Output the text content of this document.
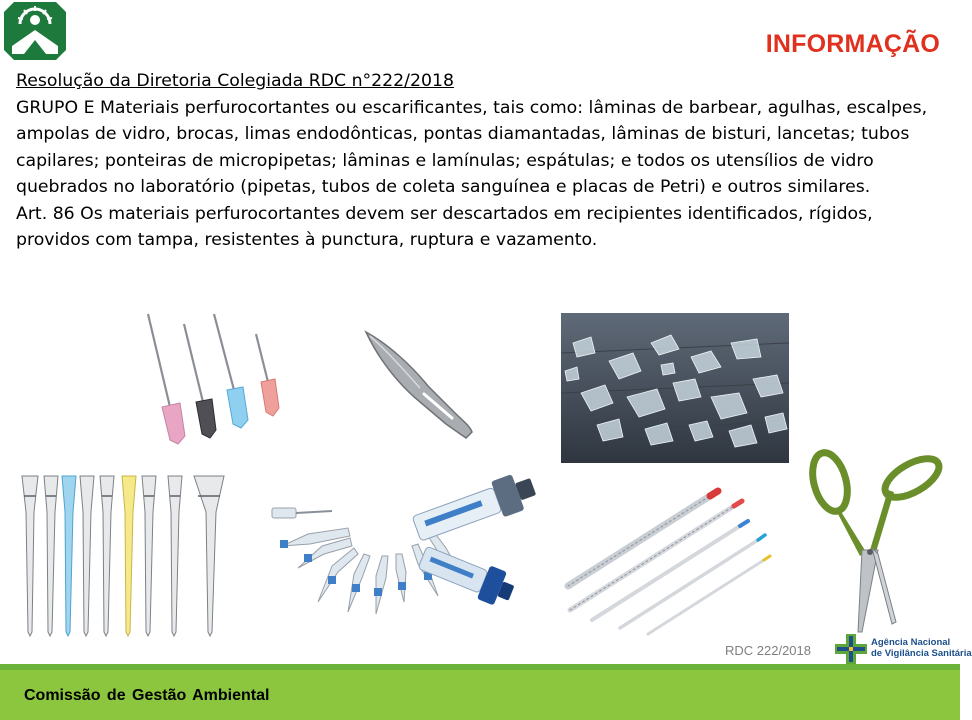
INFORMAÇÃO

Resolução da Diretoria Colegiada RDC n°222/2018

GRUPO E Materiais perfurocortantes ou escarificantes, tais como: lâminas de barbear, agulhas, escalpes, ampolas de vidro, brocas, limas endodônticas, pontas diamantadas, lâminas de bisturi, lancetas; tubos capilares; ponteiras de micropipetas; lâminas e lamínulas; espátulas; e todos os utensílios de vidro quebrados no laboratório (pipetas, tubos de coleta sanguínea e placas de Petri) e outros similares.

Art. 86 Os materiais perfurocortantes devem ser descartados em recipientes identificados, rígidos, providos com tampa, resistentes à punctura, ruptura e vazamento.

RDC 222/2018
Agência Nacional
de Vigilância Sanitária
Comissão de Gestão Ambiental
